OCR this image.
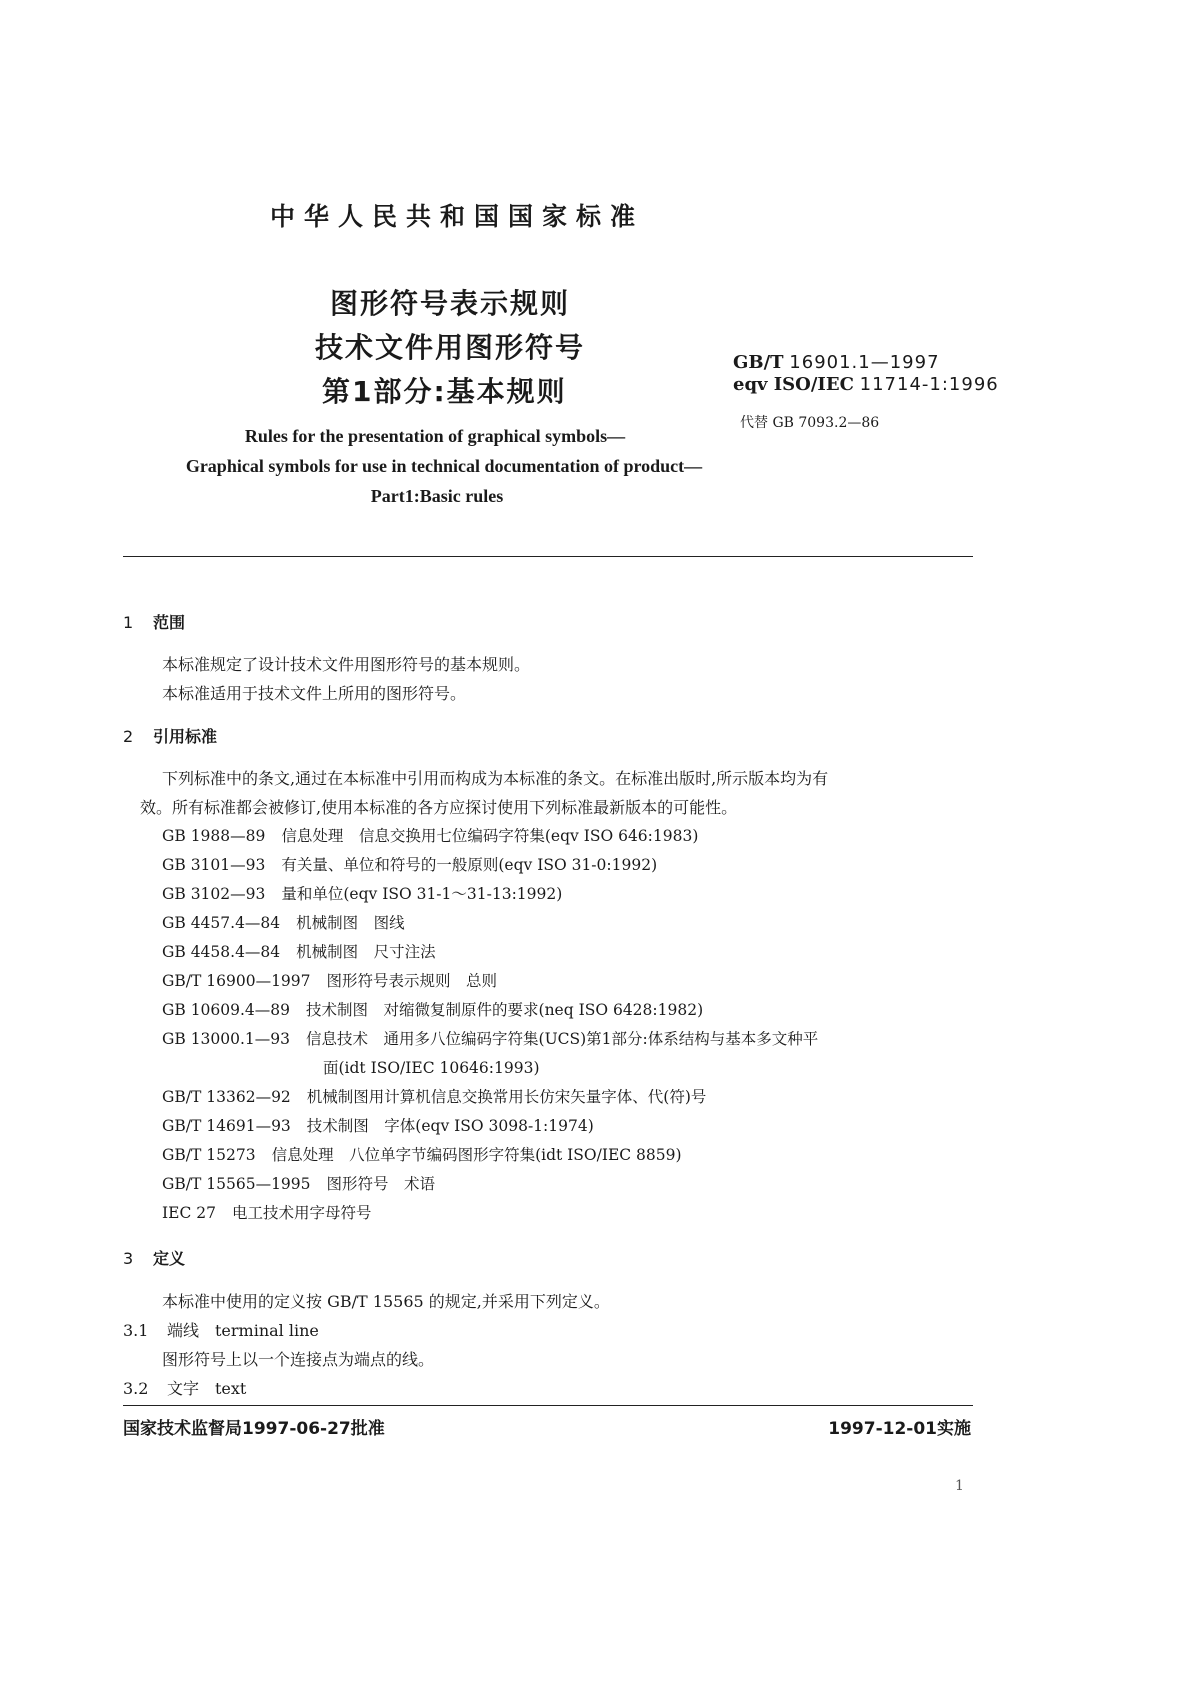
中华人民共和国国家标准
图形符号表示规则
技术文件用图形符号
第1部分:基本规则
GB/T 16901.1—1997
eqv ISO/IEC 11714-1:1996
代替 GB 7093.2—86
Rules for the presentation of graphical symbols—
Graphical symbols for use in technical documentation of product—
Part1:Basic rules
1 范围
本标准规定了设计技术文件用图形符号的基本规则。
本标准适用于技术文件上所用的图形符号。
2 引用标准
下列标准中的条文,通过在本标准中引用而构成为本标准的条文。在标准出版时,所示版本均为有
效。所有标准都会被修订,使用本标准的各方应探讨使用下列标准最新版本的可能性。
GB 1988—89 信息处理　信息交换用七位编码字符集(eqv ISO 646:1983)
GB 3101—93 有关量、单位和符号的一般原则(eqv ISO 31-0:1992)
GB 3102—93 量和单位(eqv ISO 31-1～31-13:1992)
GB 4457.4—84 机械制图　图线
GB 4458.4—84 机械制图　尺寸注法
GB/T 16900—1997 图形符号表示规则　总则
GB 10609.4—89 技术制图　对缩微复制原件的要求(neq ISO 6428:1982)
GB 13000.1—93 信息技术　通用多八位编码字符集(UCS)第1部分:体系结构与基本多文种平
面(idt ISO/IEC 10646:1993)
GB/T 13362—92 机械制图用计算机信息交换常用长仿宋矢量字体、代(符)号
GB/T 14691—93 技术制图　字体(eqv ISO 3098-1:1974)
GB/T 15273 信息处理　八位单字节编码图形字符集(idt ISO/IEC 8859)
GB/T 15565—1995 图形符号　术语
IEC 27 电工技术用字母符号
3 定义
本标准中使用的定义按 GB/T 15565 的规定,并采用下列定义。
3.1 端线　terminal line
图形符号上以一个连接点为端点的线。
3.2 文字　text
国家技术监督局1997-06-27批准	1997-12-01实施
1
